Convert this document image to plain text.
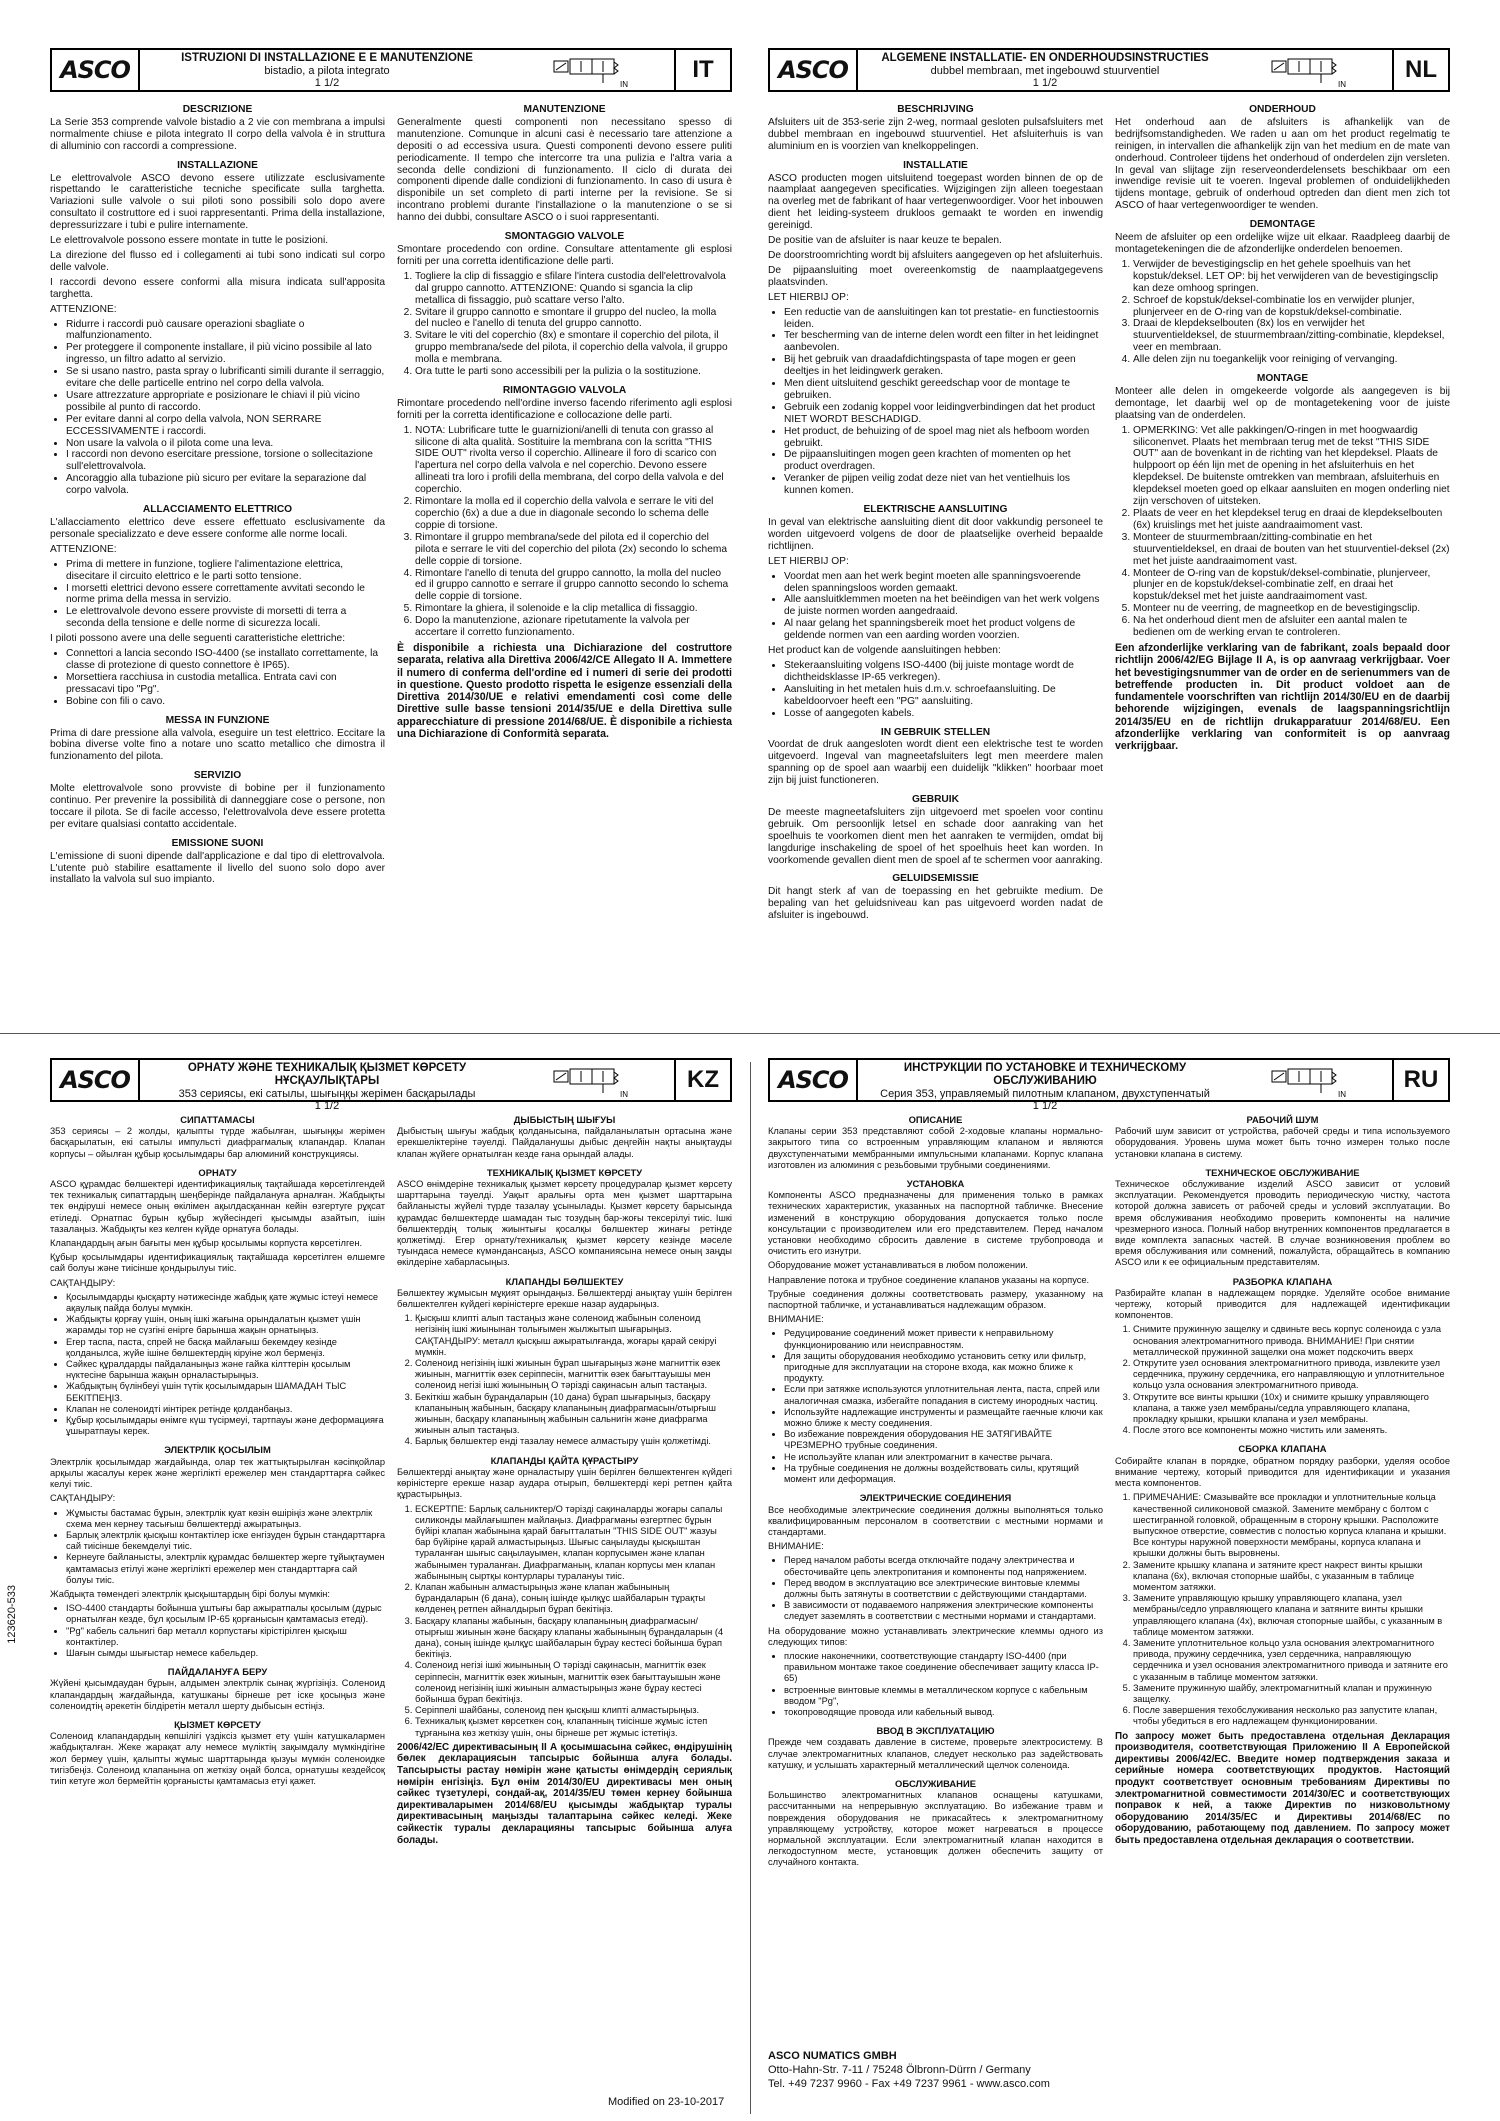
ASCO	ISTRUZIONI DI INSTALLAZIONE E E MANUTENZIONE
bistadio, a pilota integrato
1 1/2	IN
IT
DESCRIZIONE

La Serie 353 comprende valvole bistadio a 2 vie con membrana a impulsi normalmente chiuse e pilota integrato Il corpo della valvola è in struttura di alluminio con raccordi a compressione.

INSTALLAZIONE

Le elettrovalvole ASCO devono essere utilizzate esclusivamente rispettando le caratteristiche tecniche specificate sulla targhetta. Variazioni sulle valvole o sui piloti sono possibili solo dopo avere consultato il costruttore ed i suoi rappresentanti. Prima della installazione, depressurizzare i tubi e pulire internamente.

Le elettrovalvole possono essere montate in tutte le posizioni.

La direzione del flusso ed i collegamenti ai tubi sono indicati sul corpo delle valvole.

I raccordi devono essere conformi alla misura indicata sull'apposita targhetta.

ATTENZIONE:

• Ridurre i raccordi può causare operazioni sbagliate o malfunzionamento.
• Per proteggere il componente installare, il più vicino possibile al lato ingresso, un filtro adatto al servizio.
• Se si usano nastro, pasta spray o lubrificanti simili durante il serraggio, evitare che delle particelle entrino nel corpo della valvola.
• Usare attrezzature appropriate e posizionare le chiavi il più vicino possibile al punto di raccordo.
• Per evitare danni al corpo della valvola, NON SERRARE ECCESSIVAMENTE i raccordi.
• Non usare la valvola o il pilota come una leva.
• I raccordi non devono esercitare pressione, torsione o sollecitazione sull'elettrovalvola.
• Ancoraggio alla tubazione più sicuro per evitare la separazione dal corpo valvola.
ALLACCIAMENTO ELETTRICO

L'allacciamento elettrico deve essere effettuato esclusivamente da personale specializzato e deve essere conforme alle norme locali.

ATTENZIONE:

• Prima di mettere in funzione, togliere l'alimentazione elettrica, disecitare il circuito elettrico e le parti sotto tensione.
• I morsetti elettrici devono essere correttamente avvitati secondo le norme prima della messa in servizio.
• Le elettrovalvole devono essere provviste di morsetti di terra a seconda della tensione e delle norme di sicurezza locali.

I piloti possono avere una delle seguenti caratteristiche elettriche:

• Connettori a lancia secondo ISO-4400 (se installato correttamente, la classe di protezione di questo connettore è IP65).
• Morsettiera racchiusa in custodia metallica. Entrata cavi con pressacavi tipo "Pg".
• Bobine con fili o cavo.
MESSA IN FUNZIONE

Prima di dare pressione alla valvola, eseguire un test elettrico. Eccitare la bobina diverse volte fino a notare uno scatto metallico che dimostra il funzionamento del pilota.

SERVIZIO

Molte elettrovalvole sono provviste di bobine per il funzionamento continuo. Per prevenire la possibilità di danneggiare cose o persone, non toccare il pilota. Se di facile accesso, l'elettrovalvola deve essere protetta per evitare qualsiasi contatto accidentale.

EMISSIONE SUONI

L'emissione di suoni dipende dall'applicazione e dal tipo di elettrovalvola. L'utente può stabilire esattamente il livello del suono solo dopo aver installato la valvola sul suo impianto.

MANUTENZIONE

Generalmente questi componenti non necessitano spesso di manutenzione. Comunque in alcuni casi è necessario tare attenzione a depositi o ad eccessiva usura. Questi componenti devono essere puliti periodicamente. Il tempo che intercorre tra una pulizia e l'altra varia a seconda delle condizioni di funzionamento. Il ciclo di durata dei componenti dipende dalle condizioni di funzionamento. In caso di usura è disponibile un set completo di parti interne per la revisione. Se si incontrano problemi durante l'installazione o la manutenzione o se si hanno dei dubbi, consultare ASCO o i suoi rappresentanti.

SMONTAGGIO VALVOLE

Smontare procedendo con ordine. Consultare attentamente gli esplosi forniti per una corretta identificazione delle parti.

1. Togliere la clip di fissaggio e sfilare l'intera custodia dell'elettrovalvola dal gruppo cannotto. ATTENZIONE: Quando si sgancia la clip metallica di fissaggio, può scattare verso l'alto.
2. Svitare il gruppo cannotto e smontare il gruppo del nucleo, la molla del nucleo e l'anello di tenuta del gruppo cannotto.
3. Svitare le viti del coperchio (8x) e smontare il coperchio del pilota, il gruppo membrana/sede del pilota, il coperchio della valvola, il gruppo molla e membrana.
4. Ora tutte le parti sono accessibili per la pulizia o la sostituzione.
RIMONTAGGIO VALVOLA

Rimontare procedendo nell'ordine inverso facendo riferimento agli esplosi forniti per la corretta identificazione e collocazione delle parti.

1. NOTA: Lubrificare tutte le guarnizioni/anelli di tenuta con grasso al silicone di alta qualità. Sostituire la membrana con la scritta "THIS SIDE OUT" rivolta verso il coperchio. Allineare il foro di scarico con l'apertura nel corpo della valvola e nel coperchio. Devono essere allineati tra loro i profili della membrana, del corpo della valvola e del coperchio.
2. Rimontare la molla ed il coperchio della valvola e serrare le viti del coperchio (6x) a due a due in diagonale secondo lo schema delle coppie di torsione.
3. Rimontare il gruppo membrana/sede del pilota ed il coperchio del pilota e serrare le viti del coperchio del pilota (2x) secondo lo schema delle coppie di torsione.
4. Rimontare l'anello di tenuta del gruppo cannotto, la molla del nucleo ed il gruppo cannotto e serrare il gruppo cannotto secondo lo schema delle coppie di torsione.
5. Rimontare la ghiera, il solenoide e la clip metallica di fissaggio.
6. Dopo la manutenzione, azionare ripetutamente la valvola per accertare il corretto funzionamento.

È disponibile a richiesta una Dichiarazione del costruttore separata, relativa alla Direttiva 2006/42/CE Allegato II A. Immettere il numero di conferma dell'ordine ed i numeri di serie dei prodotti in questione. Questo prodotto rispetta le esigenze essenziali della Direttiva 2014/30/UE e relativi emendamenti così come delle Direttive sulle basse tensioni 2014/35/UE e della Direttiva sulle apparecchiature di pressione 2014/68/UE. È disponibile a richiesta una Dichiarazione di Conformità separata.

ASCO	ALGEMENE INSTALLATIE- EN ONDERHOUDSINSTRUCTIES
dubbel membraan, met ingebouwd stuurventiel
1 1/2	IN
NL
BESCHRIJVING

Afsluiters uit de 353-serie zijn 2-weg, normaal gesloten pulsafsluiters met dubbel membraan en ingebouwd stuurventiel. Het afsluiterhuis is van aluminium en is voorzien van knelkoppelingen.

INSTALLATIE

ASCO producten mogen uitsluitend toegepast worden binnen de op de naamplaat aangegeven specificaties. Wijzigingen zijn alleen toegestaan na overleg met de fabrikant of haar vertegenwoordiger. Voor het inbouwen dient het leiding-systeem drukloos gemaakt te worden en inwendig gereinigd.

De positie van de afsluiter is naar keuze te bepalen.

De doorstroomrichting wordt bij afsluiters aangegeven op het afsluiterhuis.

De pijpaansluiting moet overeenkomstig de naamplaatgegevens plaatsvinden.

LET HIERBIJ OP:

• Een reductie van de aansluitingen kan tot prestatie- en functiestoornis leiden.
• Ter bescherming van de interne delen wordt een filter in het leidingnet aanbevolen.
• Bij het gebruik van draadafdichtingspasta of tape mogen er geen deeltjes in het leidingwerk geraken.
• Men dient uitsluitend geschikt gereedschap voor de montage te gebruiken.
• Gebruik een zodanig koppel voor leidingverbindingen dat het product NIET WORDT BESCHADIGD.
• Het product, de behuizing of de spoel mag niet als hefboom worden gebruikt.
• De pijpaansluitingen mogen geen krachten of momenten op het product overdragen.
• Veranker de pijpen veilig zodat deze niet van het ventielhuis los kunnen komen.
ELEKTRISCHE AANSLUITING

In geval van elektrische aansluiting dient dit door vakkundig personeel te worden uitgevoerd volgens de door de plaatselijke overheid bepaalde richtlijnen.

LET HIERBIJ OP:

• Voordat men aan het werk begint moeten alle spanningsvoerende delen spanningsloos worden gemaakt.
• Alle aansluitklemmen moeten na het beëindigen van het werk volgens de juiste normen worden aangedraaid.
• Al naar gelang het spanningsbereik moet het product volgens de geldende normen van een aarding worden voorzien.

Het product kan de volgende aansluitingen hebben:

• Stekeraansluiting volgens ISO-4400 (bij juiste montage wordt de dichtheidsklasse IP-65 verkregen).
• Aansluiting in het metalen huis d.m.v. schroefaansluiting. De kabeldoorvoer heeft een "PG" aansluiting.
• Losse of aangegoten kabels.
IN GEBRUIK STELLEN

Voordat de druk aangesloten wordt dient een elektrische test te worden uitgevoerd. Ingeval van magneetafsluiters legt men meerdere malen spanning op de spoel aan waarbij een duidelijk "klikken" hoorbaar moet zijn bij juist functioneren.

GEBRUIK

De meeste magneetafsluiters zijn uitgevoerd met spoelen voor continu gebruik. Om persoonlijk letsel en schade door aanraking van het spoelhuis te voorkomen dient men het aanraken te vermijden, omdat bij langdurige inschakeling de spoel of het spoelhuis heet kan worden. In voorkomende gevallen dient men de spoel af te schermen voor aanraking.

GELUIDSEMISSIE

Dit hangt sterk af van de toepassing en het gebruikte medium. De bepaling van het geluidsniveau kan pas uitgevoerd worden nadat de afsluiter is ingebouwd.

ONDERHOUD

Het onderhoud aan de afsluiters is afhankelijk van de bedrijfsomstandigheden. We raden u aan om het product regelmatig te reinigen, in intervallen die afhankelijk zijn van het medium en de mate van onderhoud. Controleer tijdens het onderhoud of onderdelen zijn versleten. In geval van slijtage zijn reserveonderdelensets beschikbaar om een inwendige revisie uit te voeren. Ingeval problemen of onduidelijkheden tijdens montage, gebruik of onderhoud optreden dan dient men zich tot ASCO of haar vertegenwoordiger te wenden.

DEMONTAGE

Neem de afsluiter op een ordelijke wijze uit elkaar. Raadpleeg daarbij de montagetekeningen die de afzonderlijke onderdelen benoemen.

1. Verwijder de bevestigingsclip en het gehele spoelhuis van het kopstuk/deksel. LET OP: bij het verwijderen van de bevestigingsclip kan deze omhoog springen.
2. Schroef de kopstuk/deksel-combinatie los en verwijder plunjer, plunjerveer en de O-ring van de kopstuk/deksel-combinatie.
3. Draai de klepdekselbouten (8x) los en verwijder het stuurventieldeksel, de stuurmembraan/zitting-combinatie, klepdeksel, veer en membraan.
4. Alle delen zijn nu toegankelijk voor reiniging of vervanging.
MONTAGE

Monteer alle delen in omgekeerde volgorde als aangegeven is bij demontage, let daarbij wel op de montagetekening voor de juiste plaatsing van de onderdelen.

1. OPMERKING: Vet alle pakkingen/O-ringen in met hoogwaardig siliconenvet. Plaats het membraan terug met de tekst "THIS SIDE OUT" aan de bovenkant in de richting van het klepdeksel. Plaats de hulppoort op één lijn met de opening in het afsluiterhuis en het klepdeksel. De buitenste omtrekken van membraan, afsluiterhuis en klepdeksel moeten goed op elkaar aansluiten en mogen onderling niet zijn verschoven of uitsteken.
2. Plaats de veer en het klepdeksel terug en draai de klepdekselbouten (6x) kruislings met het juiste aandraaimoment vast.
3. Monteer de stuurmembraan/zitting-combinatie en het stuurventieldeksel, en draai de bouten van het stuurventiel-deksel (2x) met het juiste aandraaimoment vast.
4. Monteer de O-ring van de kopstuk/deksel-combinatie, plunjerveer, plunjer en de kopstuk/deksel-combinatie zelf, en draai het kopstuk/deksel met het juiste aandraaimoment vast.
5. Monteer nu de veerring, de magneetkop en de bevestigingsclip.
6. Na het onderhoud dient men de afsluiter een aantal malen te bedienen om de werking ervan te controleren.

Een afzonderlijke verklaring van de fabrikant, zoals bepaald door richtlijn 2006/42/EG Bijlage II A, is op aanvraag verkrijgbaar. Voer het bevestigingsnummer van de order en de serienummers van de betreffende producten in. Dit product voldoet aan de fundamentele voorschriften van richtlijn 2014/30/EU en de daarbij behorende wijzigingen, evenals de laagspanningsrichtlijn 2014/35/EU en de richtlijn drukapparatuur 2014/68/EU. Een afzonderlijke verklaring van conformiteit is op aanvraag verkrijgbaar.

ASCO	ОРНАТУ ЖӘНЕ ТЕХНИКАЛЫҚ ҚЫЗМЕТ КӨРСЕТУ НҰСҚАУЛЫҚТАРЫ
353 сериясы, екі сатылы, шығыңқы жерімен басқарылады
1 1/2
IN
KZ
СИПАТТАМАСЫ

353 сериясы – 2 жолды, қалыпты түрде жабылған, шығыңқы жерімен басқарылатын, екі сатылы импульсті диафрагмалық клапандар. Клапан корпусы – ойылған құбыр қосылымдары бар алюминий конструкциясы.

ОРНАТУ

ASCO құрамдас бөлшектері идентификациялық тақтайшада көрсетілгендей тек техникалық сипаттардың шеңберінде пайдалануға арналған. Жабдықты тек өндіруші немесе оның өкілімен ақылдасқаннан кейін өзгертуге рұқсат етіледі. Орнатпас бұрын құбыр жүйесіндегі қысымды азайтып, ішін тазалаңыз. Жабдықты кез келген күйде орнатуға болады.

Клапандардың ағын бағыты мен құбыр қосылымы корпуста көрсетілген.

Құбыр қосылымдары идентификациялық тақтайшада көрсетілген өлшемге сай болуы және тиісінше қондырылуы тиіс.

САҚТАНДЫРУ:

• Қосылымдарды қысқарту нәтижесінде жабдық қате жұмыс істеуі немесе ақаулық пайда болуы мүмкін.
• Жабдықты қорғау үшін, оның ішкі жағына орындалатын қызмет үшін жарамды тор не сүзгіні еніргe барынша жақын орнатыңыз.
• Егер таспа, паста, спрей не басқа майлағыш бекемдеу кезінде қолданылса, жүйе ішіне бөлшектердің кіруіне жол бермеңіз.
• Сәйкес құралдарды пайдаланыңыз және гайка кілттерін қосылым нүктесіне барынша жақын орналастырыңыз.
• Жабдықтың бүлінбеуі үшін түтік қосылымдарын ШАМАДАН ТЫС БЕКІТПЕҢІЗ.
• Клапан не соленоидті иінтірек ретінде қолданбаңыз.
• Құбыр қосылымдары өнімге күш түсірмеуі, тартпауы және деформацияға ұшыратпауы керек.
ЭЛЕКТРЛІК ҚОСЫЛЫМ

Электрлік қосылымдар жағдайында, олар тек жаттықтырылған кәсіпқойлар арқылы жасалуы керек және жергілікті ережелер мен стандарттарға сәйкес келуі тиіс.

САҚТАНДЫРУ:

• Жұмысты бастамас бұрын, электрлік қуат көзін өшіріңіз және электрлік схема мен кернеу тасығыш бөлшектерді ажыратыңыз.
• Барлық электрлік қысқыш контактілер іске енгізуден бұрын стандарттарға сай тиісінше бекемделуі тиіс.
• Кернеуге байланысты, электрлік құрамдас бөлшектер жерге тұйықтаумен қамтамасыз етілуі және жергілікті ережелер мен стандарттарға сай болуы тиіс.

Жабдықта төмендегі электрлік қысқыштардың бірі болуы мүмкін:

• ISO-4400 стандарты бойынша ұштығы бар ажыратпалы қосылым (дұрыс орнатылған кезде, бұл қосылым IP-65 қорғанысын қамтамасыз етеді).
• "Pg" кабель сальнигі бар металл корпустағы кірістірілген қысқыш контактілер.
• Шағын сымды шығыстар немесе кабельдер.
ПАЙДАЛАНУҒА БЕРУ

Жүйені қысымдаудан бұрын, алдымен электрлік сынақ жүргізіңіз. Соленоид клапандардың жағдайында, катушканы бірнеше рет іске қосыңыз және соленоидтің әрекетін білдіретін металл шерту дыбысын естіңіз.

ҚЫЗМЕТ КӨРСЕТУ

Соленоид клапандардың көпшілігі үздіксіз қызмет ету үшін катушкалармен жабдықталған. Жеке жарақат алу немесе мүліктің зақымдалу мүмкіндігіне жол бермеу үшін, қалыпты жұмыс шарттарында қызуы мүмкін соленоидке тигізбеңіз. Соленоид клапанына оп жеткізу оңай болса, орнатушы кездейсоқ тиіп кетуге жол бермейтін қорғанысты қамтамасыз етуі қажет.

ДЫБЫСТЫҢ ШЫҒУЫ

Дыбыстың шығуы жабдық қолданысына, пайдаланылатын ортасына және ерекшеліктеріне тәуелді. Пайдаланушы дыбыс деңгейін нақты анықтауды клапан жүйеге орнатылған кезде ғана орындай алады.

ТЕХНИКАЛЫҚ ҚЫЗМЕТ КӨРСЕТУ

ASCO өнімдеріне техникалық қызмет көрсету процедуралар қызмет көрсету шарттарына тәуелді. Уақыт аралығы орта мен қызмет шарттарына байланысты жүйелі түрде тазалау ұсынылады. Қызмет көрсету барысында құрамдас бөлшектерде шамадан тыс тозудың бар-жоғы тексерілуі тиіс. Ішкі бөлшектердің толық жиынтығы қосалқы бөлшектер жинағы ретінде қолжетімді. Егер орнату/техникалық қызмет көрсету кезінде мәселе туындаса немесе күмәндансаңыз, ASCO компаниясына немесе оның заңды өкілдеріне хабарласыңыз.

КЛАПАНДЫ БӨЛШЕКТЕУ

Бөлшектеу жұмысын мұқият орындаңыз. Бөлшектерді анықтау үшін берілген бөлшектелген күйдегі көріністерге ерекше назар аударыңыз.

1. Қысқыш клипті алып тастаңыз және соленоид жабынын соленоид негізінің ішкі жиынынан толығымен жылжытып шығарыңыз. САҚТАНДЫРУ: металл қысқыш ажыратылғанда, жоғары қарай секіруі мүмкін.
2. Соленоид негізінің ішкі жиынын бұрап шығарыңыз және магниттік өзек жиынын, магниттік өзек серіппесін, магниттік өзек бағыттауышы мен соленоид негізі ішкі жиынының О тәрізді сақинасын алып тастаңыз.
3. Бекіткіш жабын бұрандаларын (10 дана) бұрап шығарыңыз, басқару клапанының жабынын, басқару клапанының диафрагмасын/отырғыш жиынын, басқару клапанының жабынын сальнигін және диафрагма жиынын алып тастаңыз.
4. Барлық бөлшектер енді тазалау немесе алмастыру үшін қолжетімді.
КЛАПАНДЫ ҚАЙТА ҚҰРАСТЫРУ

Бөлшектерді анықтау және орналастыру үшін берілген бөлшектенген күйдегі көріністерге ерекше назар аудара отырып, бөлшектерді кері ретпен қайта құрастырыңыз.

1. ЕСКЕРТПЕ: Барлық сальниктер/О тәрізді сақиналарды жоғары сапалы силиконды майлағышпен майлаңыз. Диафрагманы өзгертпес бұрын бүйірі клапан жабынына қарай бағытталатын "THIS SIDE OUT" жазуы бар бүйіріне қарай алмастырыңыз. Шығыс саңылауды қысқыштан тураланған шығыс саңылауымен, клапан корпусымен және клапан жабынымен тураланған. Диафрагманың, клапан корпусы мен клапан жабынының сыртқы контурлары туралануы тиіс.
2. Клапан жабынын алмастырыңыз және клапан жабынының бұрандаларын (6 дана), соның ішінде қылқұс шайбаларын тұрақты көлденең ретпен айналдырып бұрап бекітіңіз.
3. Басқару клапаны жабынын, басқару клапанының диафрагмасын/отырғыш жиынын және басқару клапаны жабынының бұрандаларын (4 дана), соның ішінде қылқұс шайбаларын бұрау кестесі бойынша бұрап бекітіңіз.
4. Соленоид негізі ішкі жиынының О тәрізді сақинасын, магниттік өзек серіппесін, магниттік өзек жиынын, магниттік өзек бағыттауышын және соленоид негізінің ішкі жиынын алмастырыңыз және бұрау кестесі бойынша бұрап бекітіңіз.
5. Серіппелі шайбаны, соленоид пен қысқыш клипті алмастырыңыз.
6. Техникалық қызмет көрсеткен соң, клапанның тиісінше жұмыс істеп тұрғанына көз жеткізу үшін, оны бірнеше рет жұмыс істетіңіз.

2006/42/ЕС директивасының ІІ А қосымшасына сәйкес, өндірушінің бөлек декларациясын тапсырыс бойынша алуға болады. Тапсырысты растау нөмірін және қатысты өнімдердің сериялық нөмірін енгізіңіз. Бұл өнім 2014/30/EU директивасы мен оның сәйкес түзетулері, сондай-ақ, 2014/35/EU төмен кернеу бойынша директиваларымен 2014/68/EU қысымды жабдықтар туралы директивасының маңызды талаптарына сәйкес келеді. Жеке сәйкестік туралы декларацияны тапсырыс бойынша алуға болады.

ASCO	ИНСТРУКЦИИ ПО УСТАНОВКЕ И ТЕХНИЧЕСКОМУ ОБСЛУЖИВАНИЮ
Серия 353, управляемый пилотным клапаном, двухступенчатый
1 1/2
IN
RU
ОПИСАНИЕ

Клапаны серии 353 представляют собой 2-ходовые клапаны нормально-закрытого типа со встроенным управляющим клапаном и являются двухступенчатыми мембранными импульсными клапанами. Корпус клапана изготовлен из алюминия с резьбовыми трубными соединениями.

УСТАНОВКА

Компоненты ASCO предназначены для применения только в рамках технических характеристик, указанных на паспортной табличке. Внесение изменений в конструкцию оборудования допускается только после консультации с производителем или его представителем. Перед началом установки необходимо сбросить давление в системе трубопровода и очистить его изнутри.

Оборудование может устанавливаться в любом положении.

Направление потока и трубное соединение клапанов указаны на корпусе.

Трубные соединения должны соответствовать размеру, указанному на паспортной табличке, и устанавливаться надлежащим образом.

ВНИМАНИЕ:

• Редуцирование соединений может привести к неправильному функционированию или неисправностям.
• Для защиты оборудования необходимо установить сетку или фильтр, пригодные для эксплуатации на стороне входа, как можно ближе к продукту.
• Если при затяжке используются уплотнительная лента, паста, спрей или аналогичная смазка, избегайте попадания в систему инородных частиц.
• Используйте надлежащие инструменты и размещайте гаечные ключи как можно ближе к месту соединения.
• Во избежание повреждения оборудования НЕ ЗАТЯГИВАЙТЕ ЧРЕЗМЕРНО трубные соединения.
• Не используйте клапан или электромагнит в качестве рычага.
• На трубные соединения не должны воздействовать силы, крутящий момент или деформация.
ЭЛЕКТРИЧЕСКИЕ СОЕДИНЕНИЯ

Все необходимые электрические соединения должны выполняться только квалифицированным персоналом в соответствии с местными нормами и стандартами.

ВНИМАНИЕ:

• Перед началом работы всегда отключайте подачу электричества и обесточивайте цепь электропитания и компоненты под напряжением.
• Перед вводом в эксплуатацию все электрические винтовые клеммы должны быть затянуты в соответствии с действующими стандартами.
• В зависимости от подаваемого напряжения электрические компоненты следует заземлять в соответствии с местными нормами и стандартами.

На оборудование можно устанавливать электрические клеммы одного из следующих типов:

• плоские наконечники, соответствующие стандарту ISO-4400 (при правильном монтаже такое соединение обеспечивает защиту класса IP-65)
• встроенные винтовые клеммы в металлическом корпусе с кабельным вводом "Pg",
• токопроводящие провода или кабельный вывод.
ВВОД В ЭКСПЛУАТАЦИЮ

Прежде чем создавать давление в системе, проверьте электросистему. В случае электромагнитных клапанов, следует несколько раз задействовать катушку, и услышать характерный металлический щелчок соленоида.

ОБСЛУЖИВАНИЕ

Большинство электромагнитных клапанов оснащены катушками, рассчитанными на непрерывную эксплуатацию. Во избежание травм и повреждения оборудования не прикасайтесь к электромагнитному управляющему устройству, которое может нагреваться в процессе нормальной эксплуатации. Если электромагнитный клапан находится в легкодоступном месте, установщик должен обеспечить защиту от случайного контакта.

РАБОЧИЙ ШУМ

Рабочий шум зависит от устройства, рабочей среды и типа используемого оборудования. Уровень шума может быть точно измерен только после установки клапана в систему.

ТЕХНИЧЕСКОЕ ОБСЛУЖИВАНИЕ

Техническое обслуживание изделий ASCO зависит от условий эксплуатации. Рекомендуется проводить периодическую чистку, частота которой должна зависеть от рабочей среды и условий эксплуатации. Во время обслуживания необходимо проверить компоненты на наличие чрезмерного износа. Полный набор внутренних компонентов предлагается в виде комплекта запасных частей. В случае возникновения проблем во время обслуживания или сомнений, пожалуйста, обращайтесь в компанию ASCO или к ее официальным представителям.

РАЗБОРКА КЛАПАНА

Разбирайте клапан в надлежащем порядке. Уделяйте особое внимание чертежу, который приводится для надлежащей идентификации компонентов.

1. Снимите пружинную защелку и сдвиньте весь корпус соленоида с узла основания электромагнитного привода. ВНИМАНИЕ! При снятии металлической пружинной защелки она может подскочить вверх
2. Открутите узел основания электромагнитного привода, извлеките узел сердечника, пружину сердечника, его направляющую и уплотнительное кольцо узла основания электромагнитного привода.
3. Открутите все винты крышки (10x) и снимите крышку управляющего клапана, а также узел мембраны/седла управляющего клапана, прокладку крышки, крышки клапана и узел мембраны.
4. После этого все компоненты можно чистить или заменять.
СБОРКА КЛАПАНА

Собирайте клапан в порядке, обратном порядку разборки, уделяя особое внимание чертежу, который приводится для идентификации и указания места компонентов.

1. ПРИМЕЧАНИЕ: Смазывайте все прокладки и уплотнительные кольца качественной силиконовой смазкой. Замените мембрану с болтом с шестигранной головкой, обращенным в сторону крышки. Расположите выпускное отверстие, совместив с полостью корпуса клапана и крышки. Все контуры наружной поверхности мембраны, корпуса клапана и крышки должны быть выровнены.
2. Замените крышку клапана и затяните крест накрест винты крышки клапана (6x), включая стопорные шайбы, с указанным в таблице моментом затяжки.
3. Замените управляющую крышку управляющего клапана, узел мембраны/седло управляющего клапана и затяните винты крышки управляющего клапана (4x), включая стопорные шайбы, с указанным в таблице моментом затяжки.
4. Замените уплотнительное кольцо узла основания электромагнитного привода, пружину сердечника, узел сердечника, направляющую сердечника и узел основания электромагнитного привода и затяните его с указанным в таблице моментом затяжки.
5. Замените пружинную шайбу, электромагнитный клапан и пружинную защелку.
6. После завершения техобслуживания несколько раз запустите клапан, чтобы убедиться в его надлежащем функционировании.

По запросу может быть предоставлена отдельная Декларация производителя, соответствующая Приложению II A Европейской директивы 2006/42/EC. Введите номер подтверждения заказа и серийные номера соответствующих продуктов. Настоящий продукт соответствует основным требованиям Директивы по электромагнитной совместимости 2014/30/ЕС и соответствующих поправок к ней, а также Директив по низковольтному оборудованию 2014/35/ЕС и Директивы 2014/68/ЕС по оборудованию, работающему под давлением. По запросу может быть предоставлена отдельная декларация о соответствии.

123620-533
Modified on 23-10-2017
ASCO NUMATICS GMBH
Otto-Hahn-Str. 7-11 / 75248 Ölbronn-Dürrn / Germany
Tel. +49 7237 9960 - Fax +49 7237 9961 - www.asco.com
